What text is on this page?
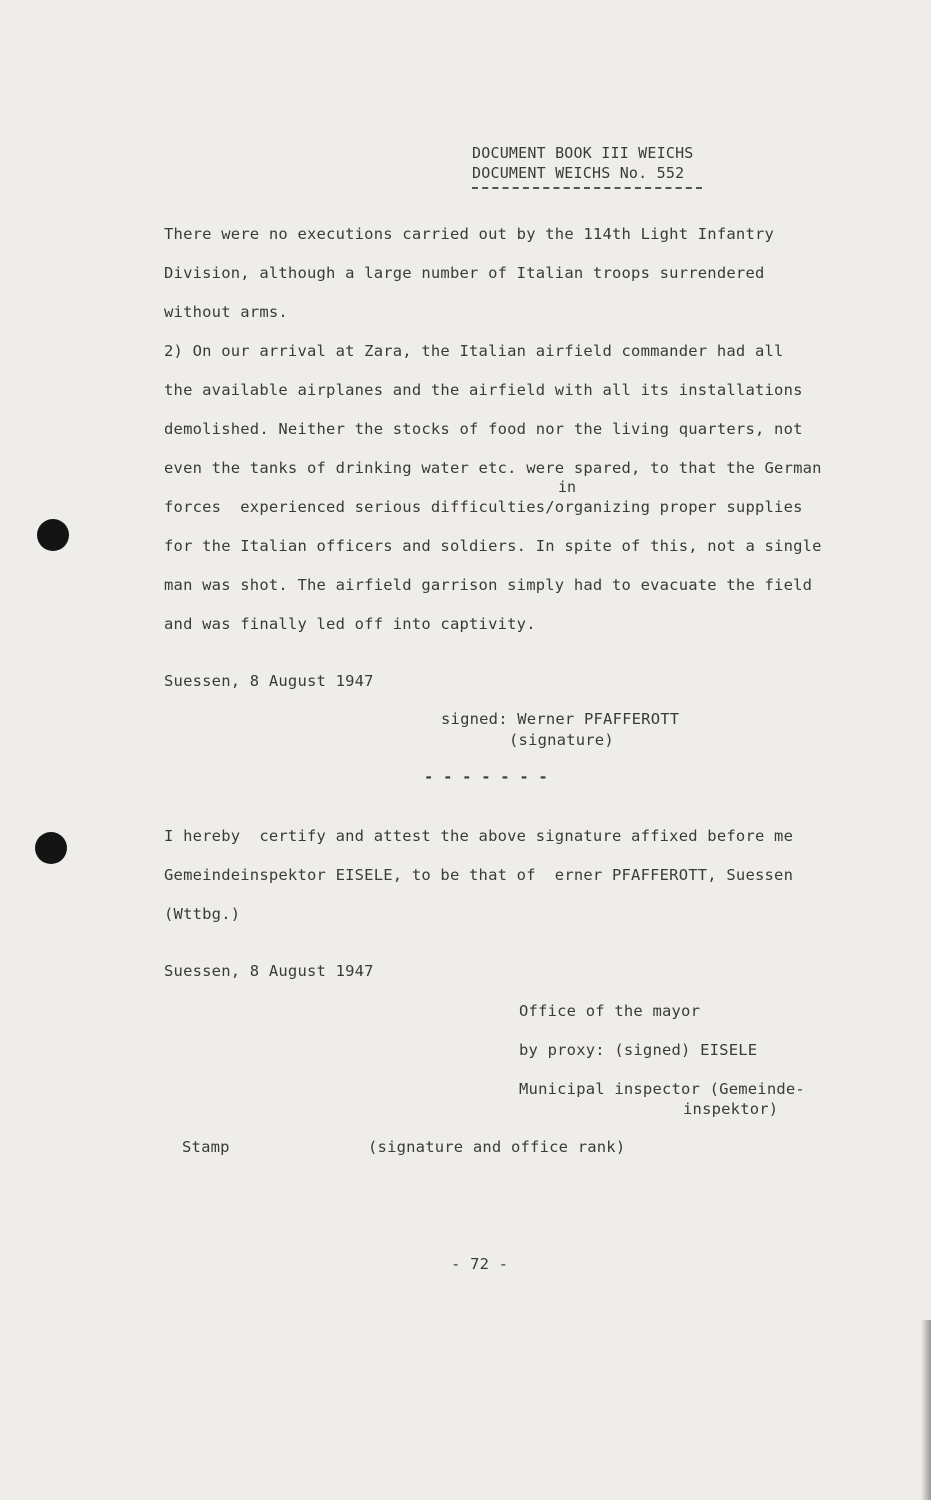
DOCUMENT BOOK III WEICHS
DOCUMENT WEICHS No. 552
There were no executions carried out by the 114th Light Infantry
Division, although a large number of Italian troops surrendered
without arms.
2) On our arrival at Zara, the Italian airfield commander had all
the available airplanes and the airfield with all its installations
demolished. Neither the stocks of food nor the living quarters, not
even the tanks of drinking water etc. were spared, to that the German
in
forces  experienced serious difficulties/organizing proper supplies
for the Italian officers and soldiers. In spite of this, not a single
man was shot. The airfield garrison simply had to evacuate the field
and was finally led off into captivity.
Suessen, 8 August 1947
signed: Werner PFAFFEROTT
(signature)
- - - - - - -
I hereby  certify and attest the above signature affixed before me
Gemeindeinspektor EISELE, to be that of  erner PFAFFEROTT, Suessen
(Wttbg.)
Suessen, 8 August 1947
Office of the mayor
by proxy: (signed) EISELE
Municipal inspector (Gemeinde-
inspektor)
Stamp	(signature and office rank)
- 72 -
